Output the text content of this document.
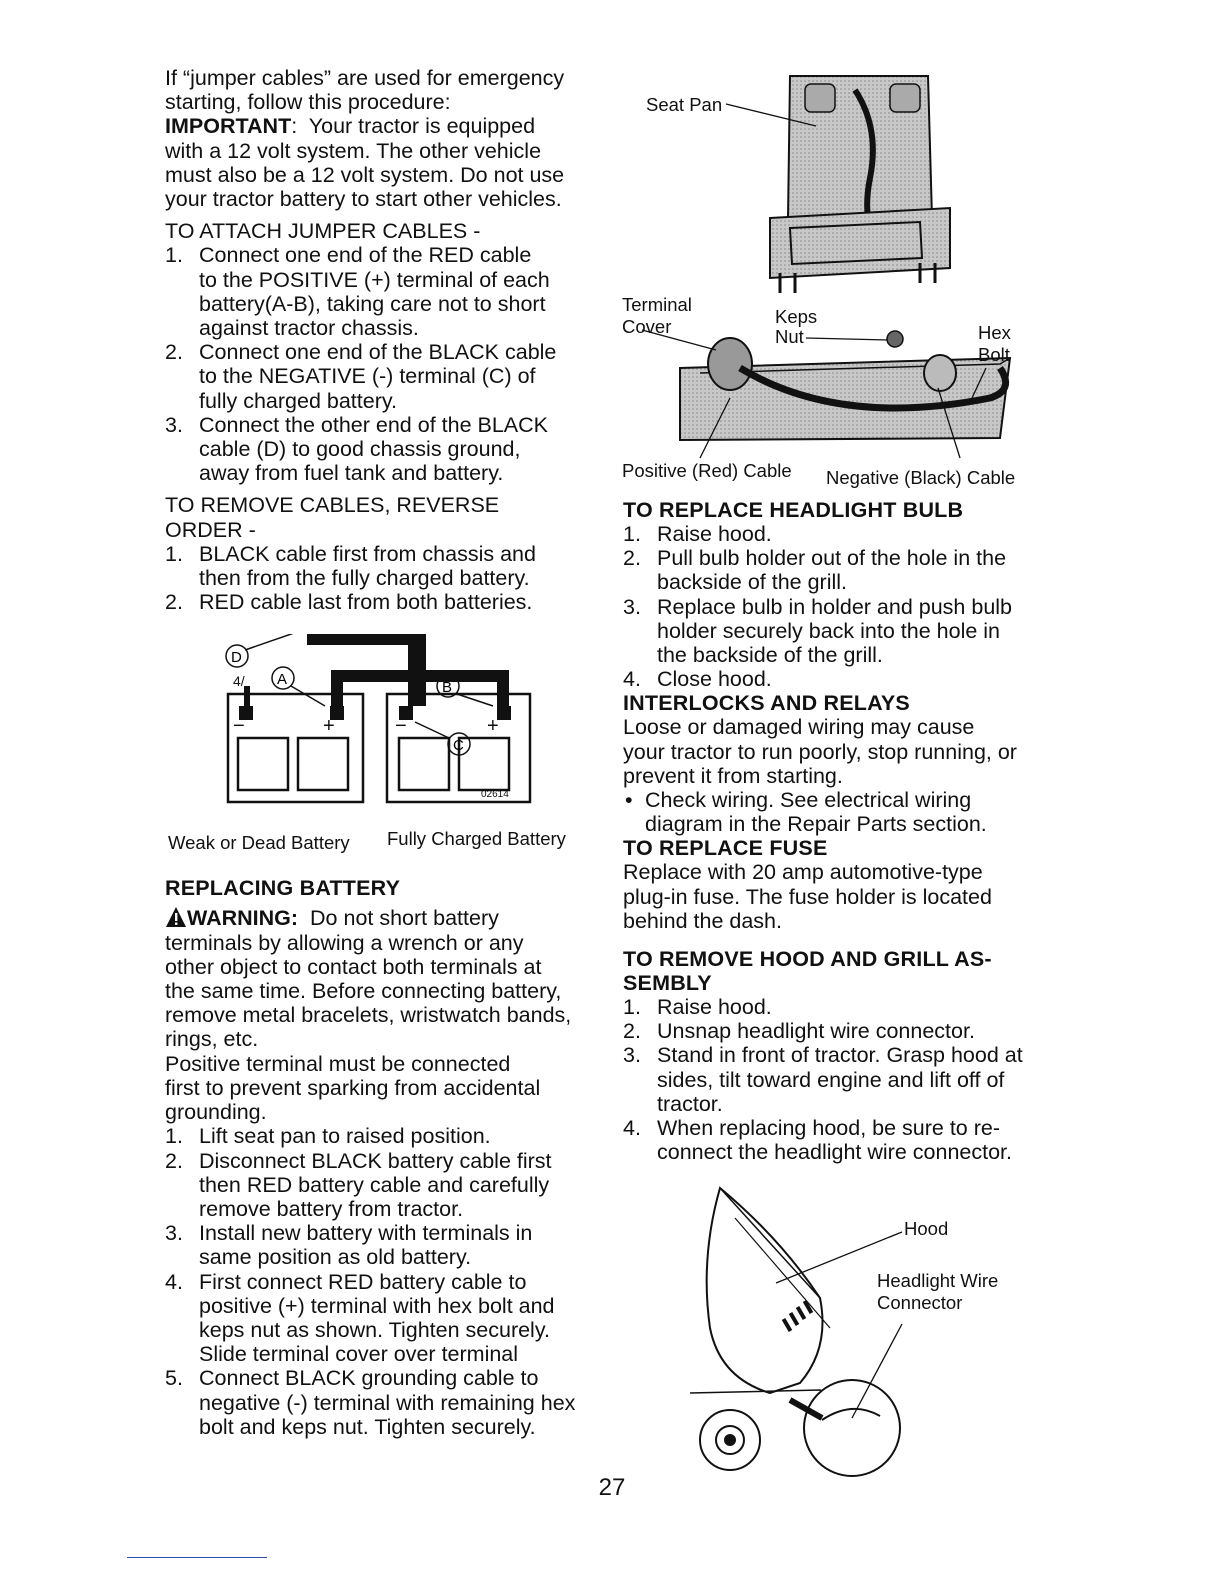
If “jumper cables” are used for emergency

starting, follow this procedure:

IMPORTANT:  Your tractor is equipped

with a 12 volt system. The other vehicle

must also be a 12 volt system. Do not use

your tractor battery to start other vehicles.

TO ATTACH JUMPER CABLES -

1. Connect one end of the RED cable
to the POSITIVE (+) terminal of each
battery(A-B), taking care not to short
against tractor chassis.
2. Connect one end of the BLACK cable
to the NEGATIVE (-) terminal (C) of
fully charged battery.
3. Connect the other end of the BLACK
cable (D) to good chassis ground,
away from fuel tank and battery.

TO REMOVE CABLES, REVERSE

ORDER -

1. BLACK cable first from chassis and
then from the fully charged battery.
2. RED cable last from both batteries.
−	+	−	+
D
A	B
C
02614
4/
Weak or Dead Battery Fully Charged Battery
REPLACING BATTERY

WARNING: Do not short battery

terminals by allowing a wrench or any

other object to contact both terminals at

the same time. Before connecting battery,

remove metal bracelets, wristwatch bands,

rings, etc.

Positive terminal must be connected

first to prevent sparking from accidental

grounding.

1. Lift seat pan to raised position.
2. Disconnect BLACK battery cable first
then RED battery cable and carefully
remove battery from tractor.
3. Install new battery with terminals in
same position as old battery.
4. First connect RED battery cable to
positive (+) terminal with hex bolt and
keps nut as shown. Tighten securely.
Slide terminal cover over terminal
5. Connect BLACK grounding cable to
negative (-) terminal with remaining hex
bolt and keps nut. Tighten securely.
Seat Pan
Terminal
Cover	Keps
Nut	Hex
Bolt
Positive (Red) Cable Negative (Black) Cable
TO REPLACE HEADLIGHT BULB
1. Raise hood.
2. Pull bulb holder out of the hole in the
backside of the grill.
3. Replace bulb in holder and push bulb
holder securely back into the hole in
the backside of the grill.
4. Close hood.
INTERLOCKS AND RELAYS

Loose or damaged wiring may cause

your tractor to run poorly, stop running, or

prevent it from starting.

• Check wiring. See electrical wiring
diagram in the Repair Parts section.
TO REPLACE FUSE

Replace with 20 amp automotive-type

plug-in fuse. The fuse holder is located

behind the dash.

TO REMOVE HOOD AND GRILL AS-
SEMBLY
1. Raise hood.
2. Unsnap headlight wire connector.
3. Stand in front of tractor. Grasp hood at
sides, tilt toward engine and lift off of
tractor.
4. When replacing hood, be sure to re-
connect the headlight wire connector.
Hood
Headlight Wire
Connector
27
